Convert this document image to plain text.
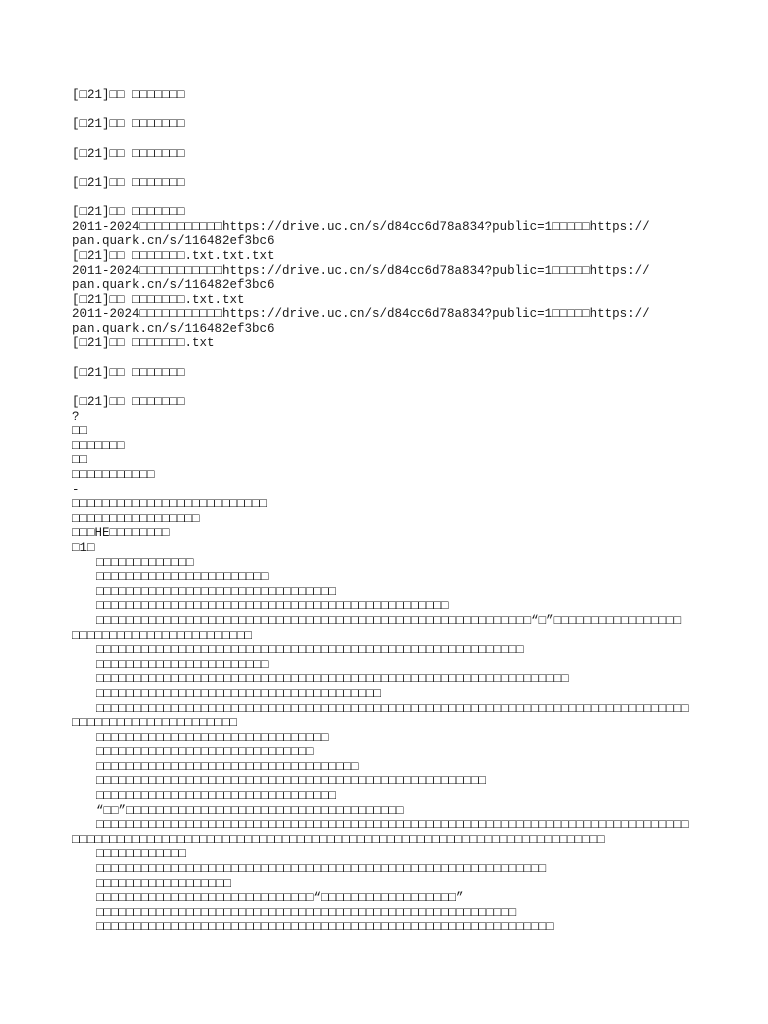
[□21]□□ □□□□□□□
[□21]□□ □□□□□□□
[□21]□□ □□□□□□□
[□21]□□ □□□□□□□
[□21]□□ □□□□□□□
2011-2024□□□□□□□□□□□https://drive.uc.cn/s/d84cc6d78a834?public=1□□□□□https://
pan.quark.cn/s/116482ef3bc6
[□21]□□ □□□□□□□.txt.txt.txt
2011-2024□□□□□□□□□□□https://drive.uc.cn/s/d84cc6d78a834?public=1□□□□□https://
pan.quark.cn/s/116482ef3bc6
[□21]□□ □□□□□□□.txt.txt
2011-2024□□□□□□□□□□□https://drive.uc.cn/s/d84cc6d78a834?public=1□□□□□https://
pan.quark.cn/s/116482ef3bc6
[□21]□□ □□□□□□□.txt
[□21]□□ □□□□□□□
[□21]□□ □□□□□□□
?
□□
□□□□□□□
□□
□□□□□□□□□□□
-
□□□□□□□□□□□□□□□□□□□□□□□□□□
□□□□□□□□□□□□□□□□□
□□□HE□□□□□□□□
□1□
□□□□□□□□□□□□□
□□□□□□□□□□□□□□□□□□□□□□□
□□□□□□□□□□□□□□□□□□□□□□□□□□□□□□□□
□□□□□□□□□□□□□□□□□□□□□□□□□□□□□□□□□□□□□□□□□□□□□□□
□□□□□□□□□□□□□□□□□□□□□□□□□□□□□□□□□□□□□□□□□□□□□□□□□□□□□□□□□□“□”□□□□□□□□□□□□□□□□□
□□□□□□□□□□□□□□□□□□□□□□□□
□□□□□□□□□□□□□□□□□□□□□□□□□□□□□□□□□□□□□□□□□□□□□□□□□□□□□□□□□
□□□□□□□□□□□□□□□□□□□□□□□
□□□□□□□□□□□□□□□□□□□□□□□□□□□□□□□□□□□□□□□□□□□□□□□□□□□□□□□□□□□□□□□
□□□□□□□□□□□□□□□□□□□□□□□□□□□□□□□□□□□□□□
□□□□□□□□□□□□□□□□□□□□□□□□□□□□□□□□□□□□□□□□□□□□□□□□□□□□□□□□□□□□□□□□□□□□□□□□□□□□□□□
□□□□□□□□□□□□□□□□□□□□□□
□□□□□□□□□□□□□□□□□□□□□□□□□□□□□□□
□□□□□□□□□□□□□□□□□□□□□□□□□□□□□
□□□□□□□□□□□□□□□□□□□□□□□□□□□□□□□□□□□
□□□□□□□□□□□□□□□□□□□□□□□□□□□□□□□□□□□□□□□□□□□□□□□□□□□□
□□□□□□□□□□□□□□□□□□□□□□□□□□□□□□□□
“□□”□□□□□□□□□□□□□□□□□□□□□□□□□□□□□□□□□□□□□
□□□□□□□□□□□□□□□□□□□□□□□□□□□□□□□□□□□□□□□□□□□□□□□□□□□□□□□□□□□□□□□□□□□□□□□□□□□□□□□
□□□□□□□□□□□□□□□□□□□□□□□□□□□□□□□□□□□□□□□□□□□□□□□□□□□□□□□□□□□□□□□□□□□□□□□
□□□□□□□□□□□□
□□□□□□□□□□□□□□□□□□□□□□□□□□□□□□□□□□□□□□□□□□□□□□□□□□□□□□□□□□□□
□□□□□□□□□□□□□□□□□□
□□□□□□□□□□□□□□□□□□□□□□□□□□□□□“□□□□□□□□□□□□□□□□□□”
□□□□□□□□□□□□□□□□□□□□□□□□□□□□□□□□□□□□□□□□□□□□□□□□□□□□□□□□
□□□□□□□□□□□□□□□□□□□□□□□□□□□□□□□□□□□□□□□□□□□□□□□□□□□□□□□□□□□□□
